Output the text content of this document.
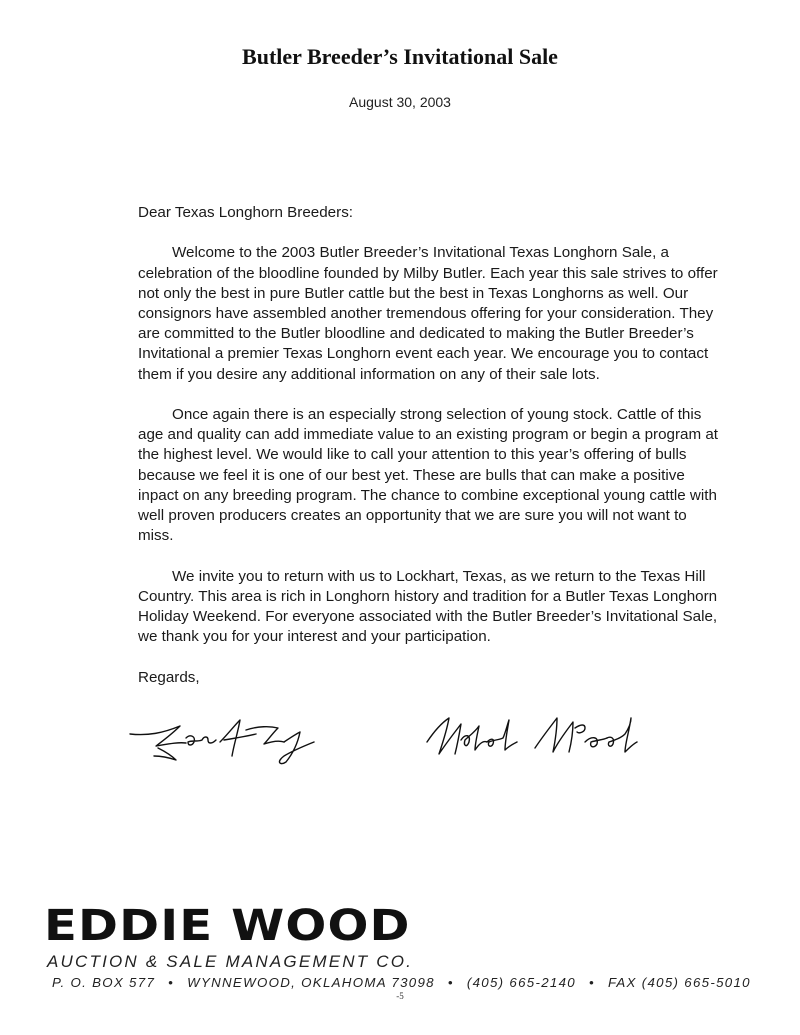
Butler Breeder’s Invitational Sale
August 30, 2003

Dear Texas Longhorn Breeders:

Welcome to the 2003 Butler Breeder’s Invitational Texas Longhorn Sale, a celebration of the bloodline founded by Milby Butler. Each year this sale strives to offer not only the best in pure Butler cattle but the best in Texas Longhorns as well. Our consignors have assembled another tremendous offering for your consideration. They are committed to the Butler bloodline and dedicated to making the Butler Breeder’s Invitational a premier Texas Longhorn event each year. We encourage you to contact them if you desire any additional information on any of their sale lots.

Once again there is an especially strong selection of young stock. Cattle of this age and quality can add immediate value to an existing program or begin a program at the highest level. We would like to call your attention to this year’s offering of bulls because we feel it is one of our best yet. These are bulls that can make a positive inpact on any breeding program. The chance to combine exceptional young cattle with well proven producers creates an opportunity that we are sure you will not want to miss.

We invite you to return with us to Lockhart, Texas, as we return to the Texas Hill Country. This area is rich in Longhorn history and tradition for a Butler Texas Longhorn Holiday Weekend. For everyone associated with the Butler Breeder’s Invitational Sale, we thank you for your interest and your participation.

Regards,

EDDIE WOOD
AUCTION & SALE MANAGEMENT CO.
P. O. BOX 577 • WYNNEWOOD, OKLAHOMA 73098 • (405) 665-2140 • FAX (405) 665-5010
-5
